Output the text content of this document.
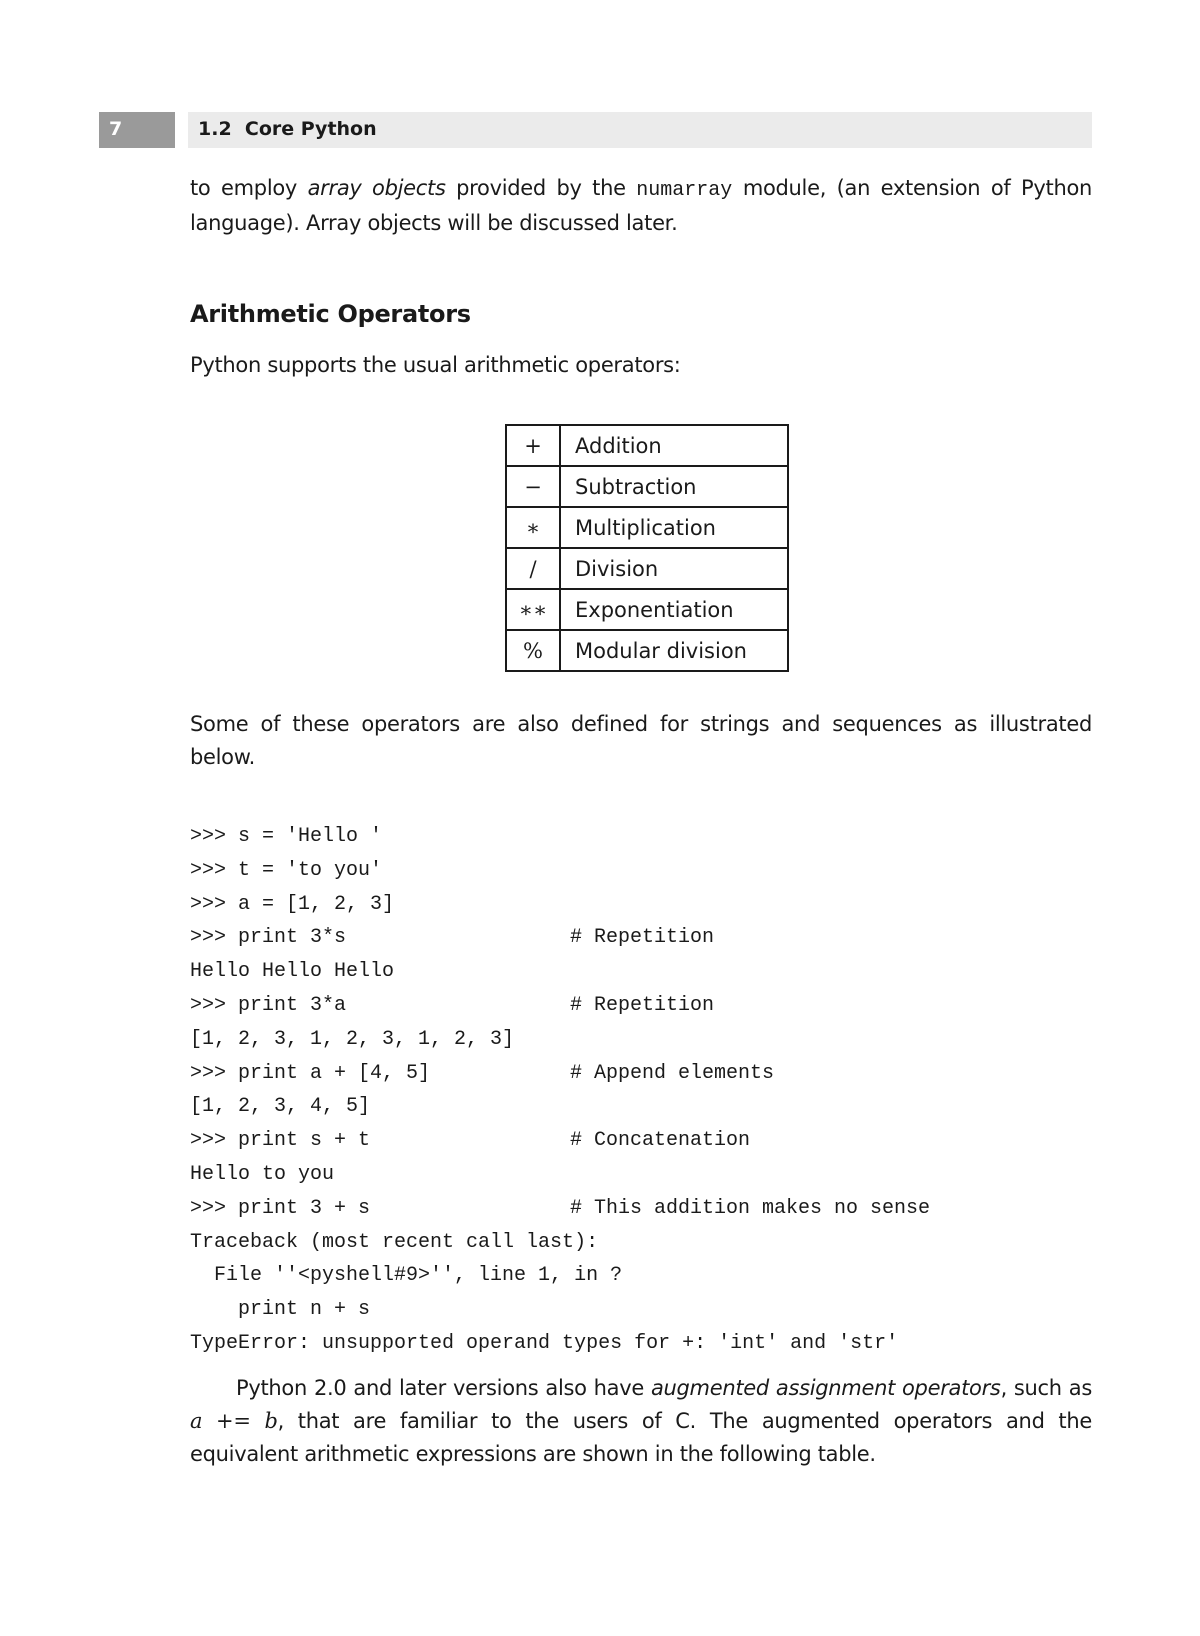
7	1.2 Core Python

to employ array objects provided by the numarray module, (an extension of Python language). Array objects will be discussed later.

Arithmetic Operators

Python supports the usual arithmetic operators:

+	Addition
−	Subtraction
∗	Multiplication
/	Division
∗∗	Exponentiation
%	Modular division

Some of these operators are also defined for strings and sequences as illustrated below.

>>> s = 'Hello '
>>> t = 'to you'
>>> a = [1, 2, 3]
>>> print 3*s	# Repetition
Hello Hello Hello
>>> print 3*a	# Repetition
[1, 2, 3, 1, 2, 3, 1, 2, 3]
>>> print a + [4, 5]	# Append elements
[1, 2, 3, 4, 5]
>>> print s + t	# Concatenation
Hello to you
>>> print 3 + s	# This addition makes no sense
Traceback (most recent call last):
File ''<pyshell#9>'', line 1, in ?
print n + s
TypeError: unsupported operand types for +: 'int' and 'str'

Python 2.0 and later versions also have augmented assignment operators, such as a += b, that are familiar to the users of C. The augmented operators and the equivalent arithmetic expressions are shown in the following table.
